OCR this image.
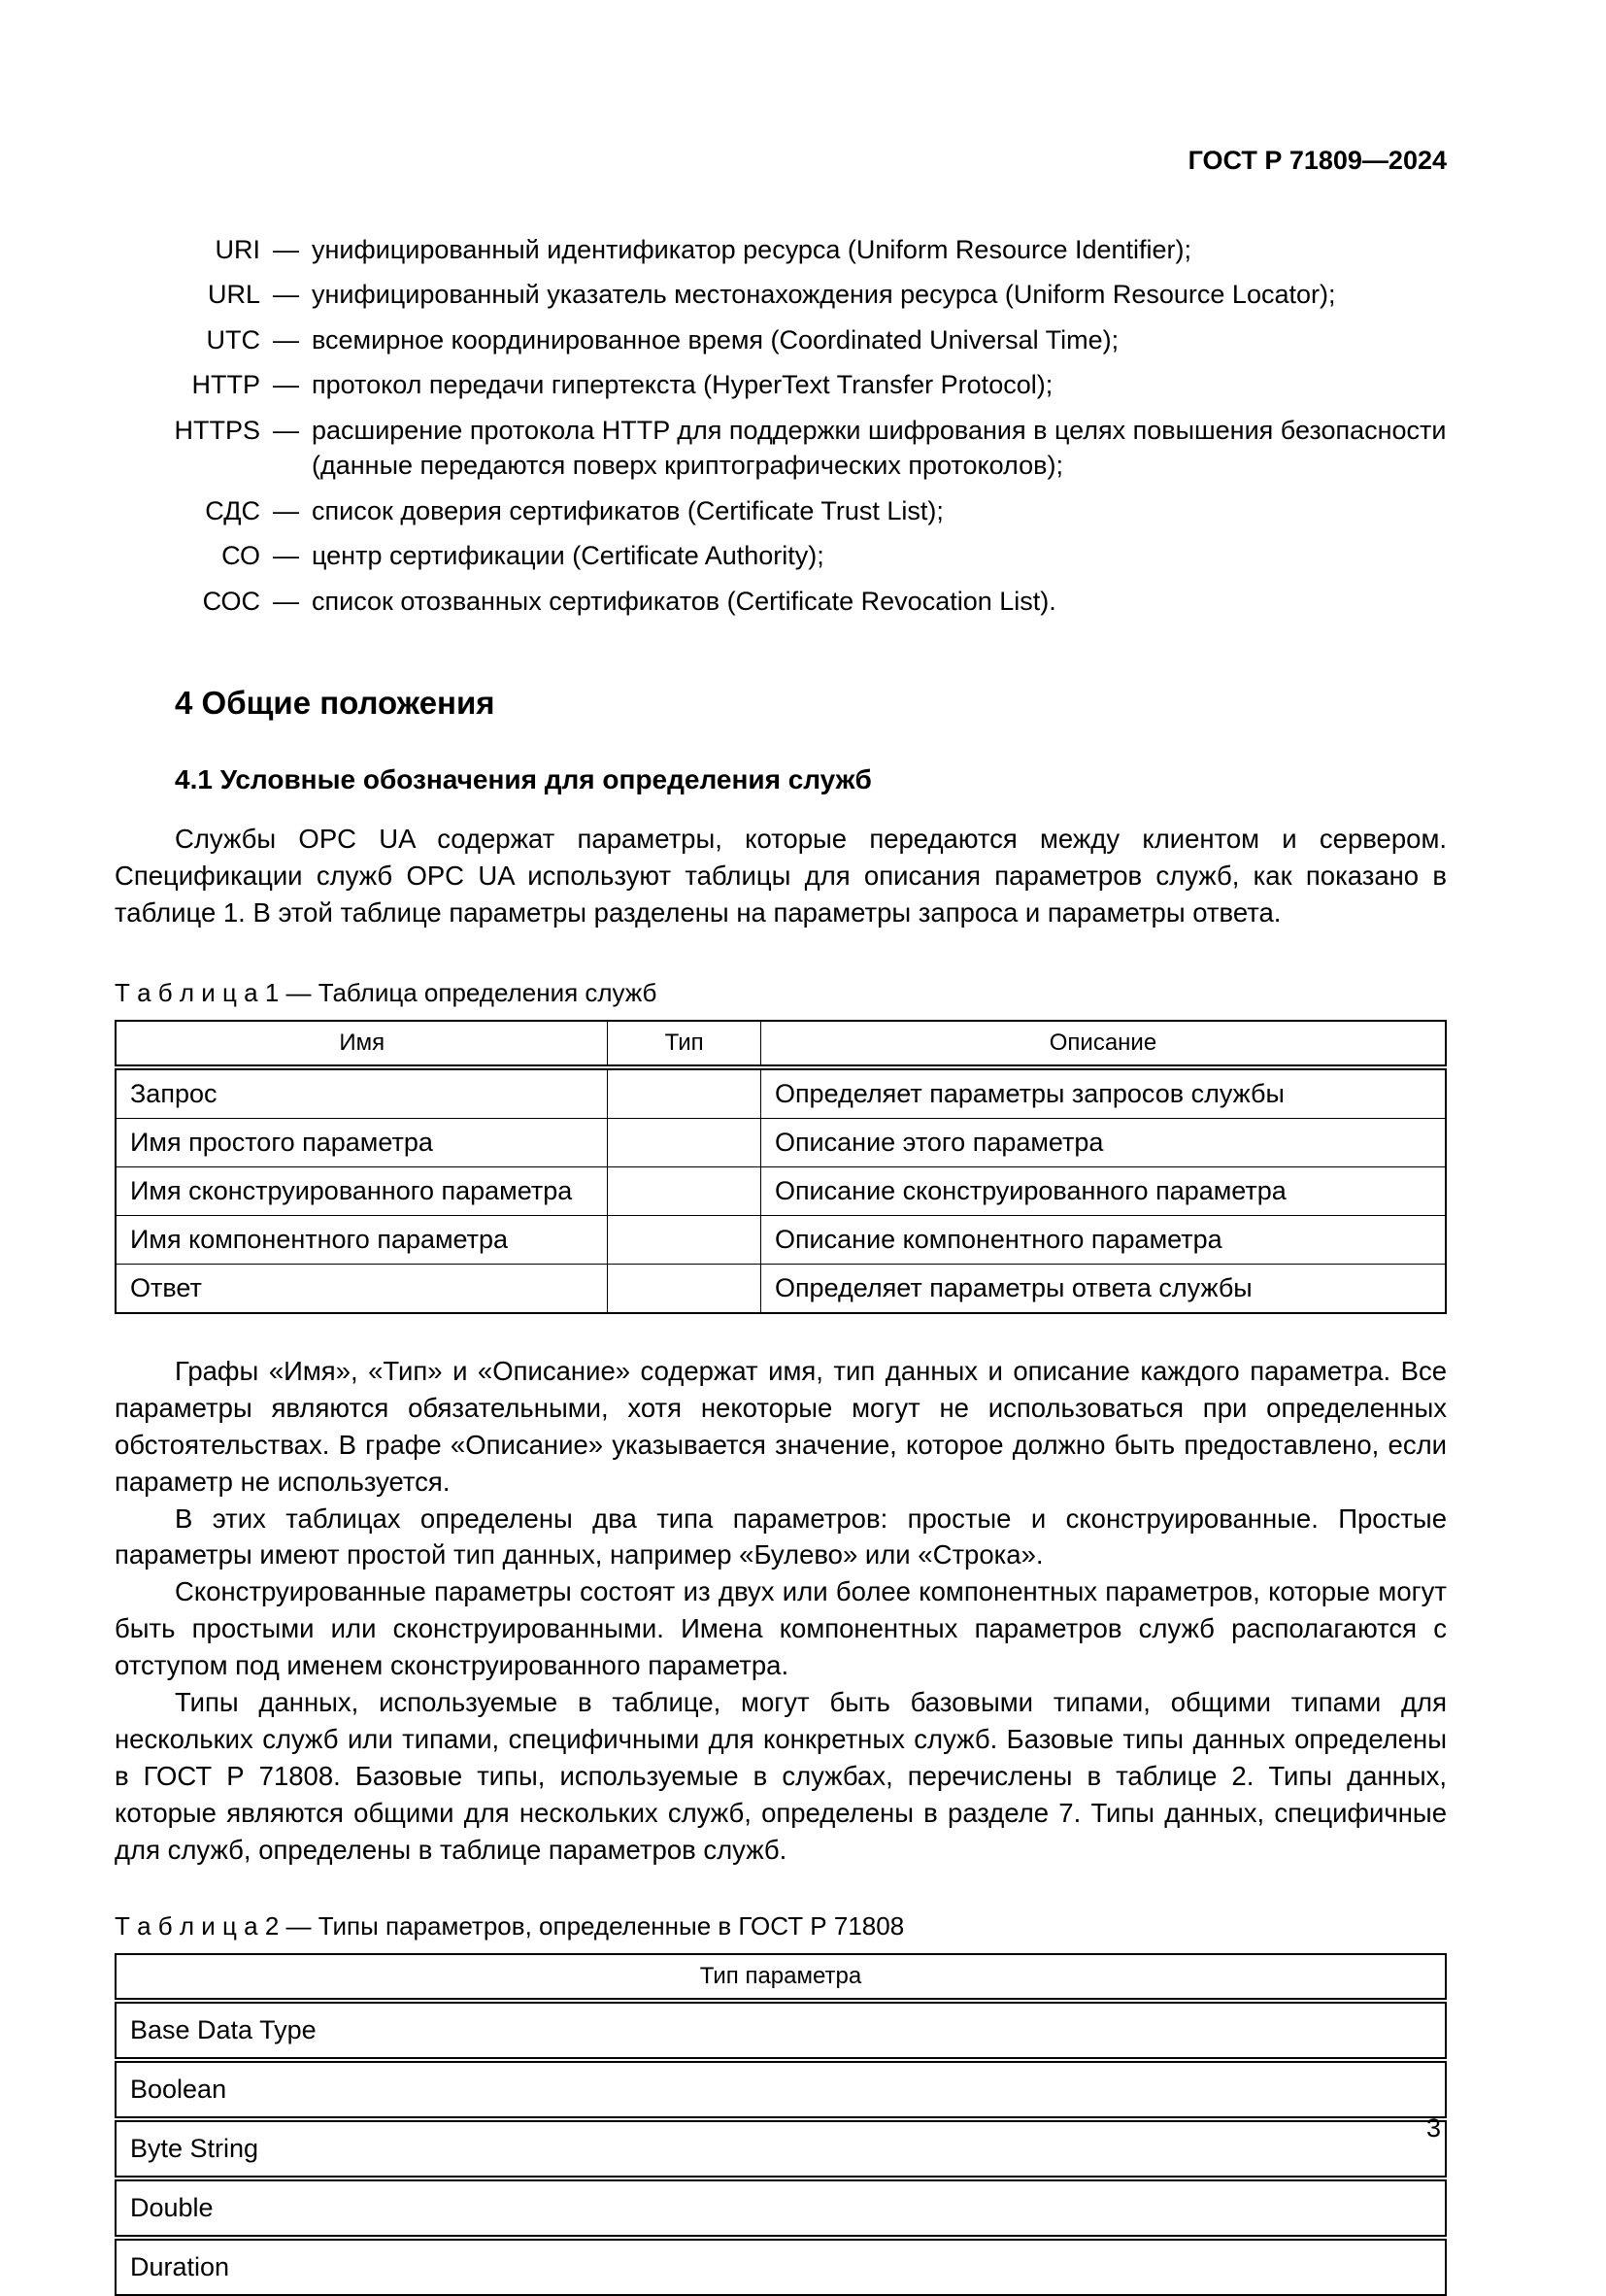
ГОСТ Р 71809—2024
URI — унифицированный идентификатор ресурса (Uniform Resource Identifier);
URL — унифицированный указатель местонахождения ресурса (Uniform Resource Locator);
UTC — всемирное координированное время (Coordinated Universal Time);
HTTP — протокол передачи гипертекста (HyperText Transfer Protocol);
HTTPS — расширение протокола HTTP для поддержки шифрования в целях повышения безопасности (данные передаются поверх криптографических протоколов);
СДС — список доверия сертификатов (Certificate Trust List);
СО — центр сертификации (Certificate Authority);
СОС — список отозванных сертификатов (Certificate Revocation List).
4 Общие положения
4.1 Условные обозначения для определения служб

Службы OPC UA содержат параметры, которые передаются между клиентом и сервером. Спецификации служб OPC UA используют таблицы для описания параметров служб, как показано в таблице 1. В этой таблице параметры разделены на параметры запроса и параметры ответа.

Т а б л и ц а 1 — Таблица определения служб
Имя	Тип	Описание
Запрос		Определяет параметры запросов службы
Имя простого параметра		Описание этого параметра
Имя сконструированного параметра		Описание сконструированного параметра
Имя компонентного параметра		Описание компонентного параметра
Ответ		Определяет параметры ответа службы

Графы «Имя», «Тип» и «Описание» содержат имя, тип данных и описание каждого параметра. Все параметры являются обязательными, хотя некоторые могут не использоваться при определенных обстоятельствах. В графе «Описание» указывается значение, которое должно быть предоставлено, если параметр не используется.

В этих таблицах определены два типа параметров: простые и сконструированные. Простые параметры имеют простой тип данных, например «Булево» или «Строка».

Сконструированные параметры состоят из двух или более компонентных параметров, которые могут быть простыми или сконструированными. Имена компонентных параметров служб располагаются с отступом под именем сконструированного параметра.

Типы данных, используемые в таблице, могут быть базовыми типами, общими типами для нескольких служб или типами, специфичными для конкретных служб. Базовые типы данных определены в ГОСТ Р 71808. Базовые типы, используемые в службах, перечислены в таблице 2. Типы данных, которые являются общими для нескольких служб, определены в разделе 7. Типы данных, специфичные для служб, определены в таблице параметров служб.

Т а б л и ц а 2 — Типы параметров, определенные в ГОСТ Р 71808
Тип параметра
Base Data Type
Boolean
Byte String
Double
Duration
3
